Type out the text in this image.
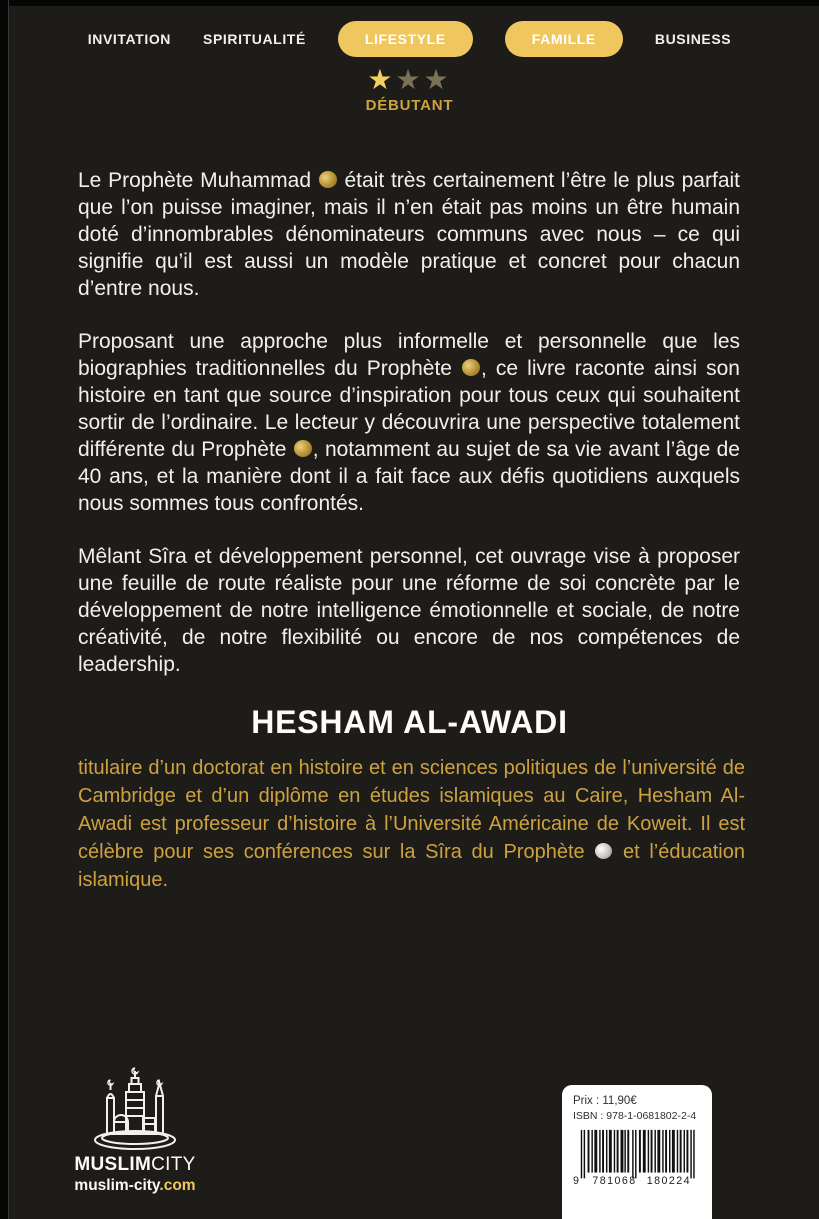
INVITATION SPIRITUALITÉ	LIFESTYLE	FAMILLE	BUSINESS
★★★
DÉBUTANT

Le Prophète Muhammad  était très certainement l’être le plus parfait que l’on puisse imaginer, mais il n’en était pas moins un être humain doté d’innombrables dénominateurs communs avec nous – ce qui signifie qu’il est aussi un modèle pratique et concret pour chacun d’entre nous.

Proposant une approche plus informelle et personnelle que les biographies traditionnelles du Prophète , ce livre raconte ainsi son histoire en tant que source d’inspiration pour tous ceux qui souhaitent sortir de l’ordinaire. Le lecteur y découvrira une perspective totalement différente du Prophète , notamment au sujet de sa vie avant l’âge de 40 ans, et la manière dont il a fait face aux défis quotidiens auxquels nous sommes tous confrontés.

Mêlant Sîra et développement personnel, cet ouvrage vise à proposer une feuille de route réaliste pour une réforme de soi concrète par le développement de notre intelligence émotionnelle et sociale, de notre créativité, de notre flexibilité ou encore de nos compétences de leadership.

HESHAM AL-AWADI

titulaire d’un doctorat en histoire et en sciences politiques de l’université de Cambridge et d’un diplôme en études islamiques au Caire, Hesham Al-Awadi est professeur d’histoire à l’Université Américaine de Koweit. Il est célèbre pour ses conférences sur la Sîra du Prophète  et l’éducation islamique.

MUSLIMCITY
muslim-city.com
Prix : 11,90€
ISBN : 978-1-0681802-2-4
9 781068 180224
